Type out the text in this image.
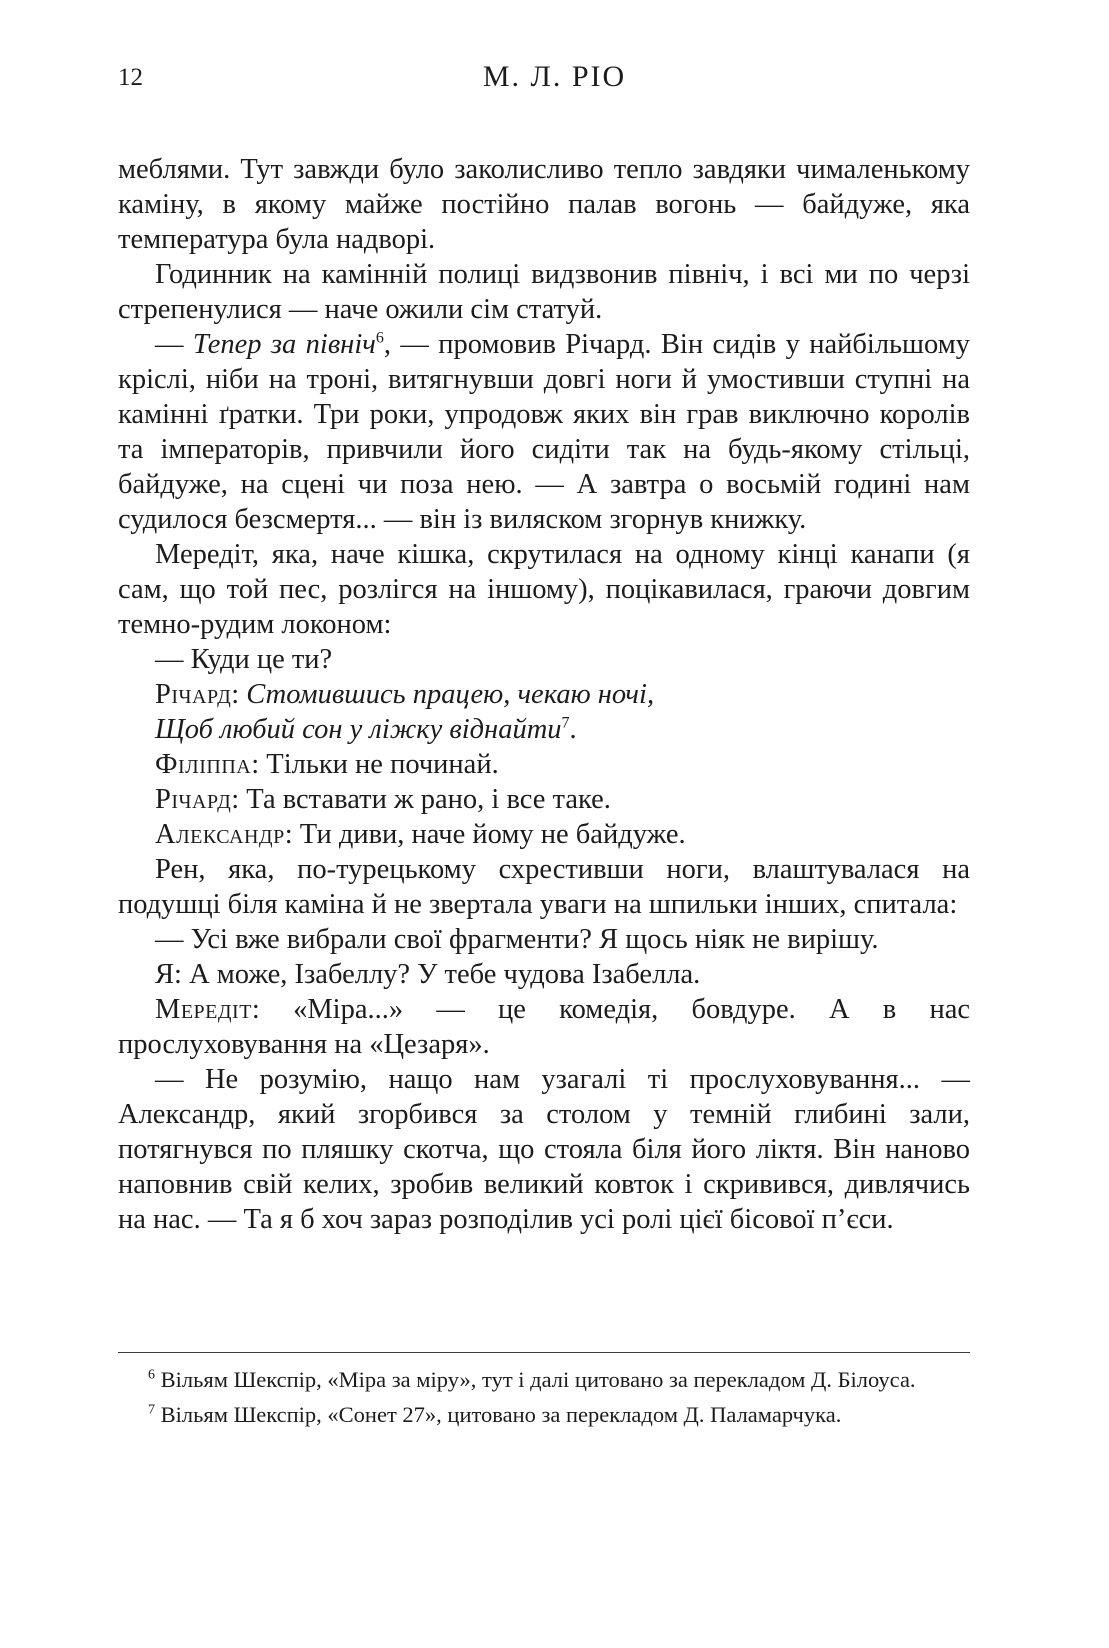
12	М. Л. РІО

меблями. Тут завжди було заколисливо тепло завдяки чималенькому каміну, в якому майже постійно палав вогонь — байдуже, яка температура була надворі.

Годинник на камінній полиці видзвонив північ, і всі ми по черзі стрепенулися — наче ожили сім статуй.

— Тепер за північ$^6$, — промовив Річард. Він сидів у найбільшому кріслі, ніби на троні, витягнувши довгі ноги й умостивши ступні на камінні ґратки. Три роки, упродовж яких він грав виключно королів та імператорів, привчили його сидіти так на будь-якому стільці, байдуже, на сцені чи поза нею. — А завтра о восьмій годині нам судилося безсмертя... — він із виляском згорнув книжку.

Мередіт, яка, наче кішка, скрутилася на одному кінці канапи (я сам, що той пес, розлігся на іншому), поцікавилася, граючи довгим темно-рудим локоном:

— Куди це ти?

Річард: Стомившись працею, чекаю ночі,

Щоб любий сон у ліжку віднайти$^7$.

Філіппа: Тільки не починай.

Річард: Та вставати ж рано, і все таке.

Александр: Ти диви, наче йому не байдуже.

Рен, яка, по-турецькому схрестивши ноги, влаштувалася на подушці біля каміна й не звертала уваги на шпильки інших, спитала:

— Усі вже вибрали свої фрагменти? Я щось ніяк не вирішу.

Я: А може, Ізабеллу? У тебе чудова Ізабелла.

Мередіт: «Міра...» — це комедія, бовдуре. А в нас прослуховування на «Цезаря».

— Не розумію, нащо нам узагалі ті прослуховування... — Александр, який згорбився за столом у темній глибині зали, потягнувся по пляшку скотча, що стояла біля його ліктя. Він наново наповнив свій келих, зробив великий ковток і скривився, дивлячись на нас. — Та я б хоч зараз розподілив усі ролі цієї бісової п’єси.

$^6$ Вільям Шекспір, «Міра за міру», тут і далі цитовано за перекладом Д. Білоуса.

$^7$ Вільям Шекспір, «Сонет 27», цитовано за перекладом Д. Паламарчука.
